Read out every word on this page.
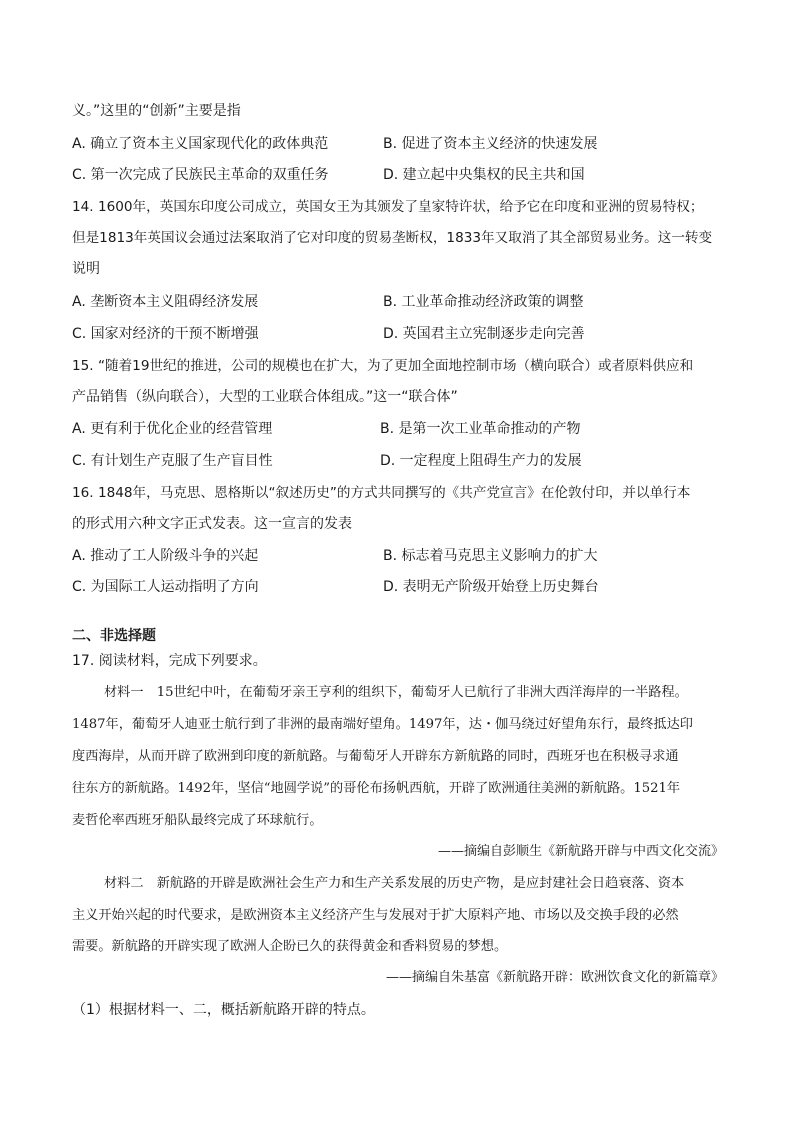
义。”这里的“创新”主要是指
A. 确立了资本主义国家现代化的政体典范	B. 促进了资本主义经济的快速发展
C. 第一次完成了民族民主革命的双重任务	D. 建立起中央集权的民主共和国
14. 1600年，英国东印度公司成立，英国女王为其颁发了皇家特许状，给予它在印度和亚洲的贸易特权；
但是1813年英国议会通过法案取消了它对印度的贸易垄断权，1833年又取消了其全部贸易业务。这一转变
说明
A. 垄断资本主义阻碍经济发展	B. 工业革命推动经济政策的调整
C. 国家对经济的干预不断增强	D. 英国君主立宪制逐步走向完善
15. “随着19世纪的推进，公司的规模也在扩大，为了更加全面地控制市场（横向联合）或者原料供应和
产品销售（纵向联合），大型的工业联合体组成。”这一“联合体”
A. 更有利于优化企业的经营管理	B. 是第一次工业革命推动的产物
C. 有计划生产克服了生产盲目性	D. 一定程度上阻碍生产力的发展
16. 1848年，马克思、恩格斯以“叙述历史”的方式共同撰写的《共产党宣言》在伦敦付印，并以单行本
的形式用六种文字正式发表。这一宣言的发表
A. 推动了工人阶级斗争的兴起	B. 标志着马克思主义影响力的扩大
C. 为国际工人运动指明了方向	D. 表明无产阶级开始登上历史舞台
二、非选择题
17. 阅读材料，完成下列要求。
材料一　15世纪中叶，在葡萄牙亲王亨利的组织下，葡萄牙人已航行了非洲大西洋海岸的一半路程。
1487年，葡萄牙人迪亚士航行到了非洲的最南端好望角。1497年，达・伽马绕过好望角东行，最终抵达印
度西海岸，从而开辟了欧洲到印度的新航路。与葡萄牙人开辟东方新航路的同时，西班牙也在积极寻求通
往东方的新航路。1492年，坚信“地圆学说”的哥伦布扬帆西航，开辟了欧洲通往美洲的新航路。1521年
麦哲伦率西班牙船队最终完成了环球航行。
——摘编自彭顺生《新航路开辟与中西文化交流》
材料二　新航路的开辟是欧洲社会生产力和生产关系发展的历史产物，是应封建社会日趋衰落、资本
主义开始兴起的时代要求，是欧洲资本主义经济产生与发展对于扩大原料产地、市场以及交换手段的必然
需要。新航路的开辟实现了欧洲人企盼已久的获得黄金和香料贸易的梦想。
——摘编自朱基富《新航路开辟：欧洲饮食文化的新篇章》
（1）根据材料一、二，概括新航路开辟的特点。
